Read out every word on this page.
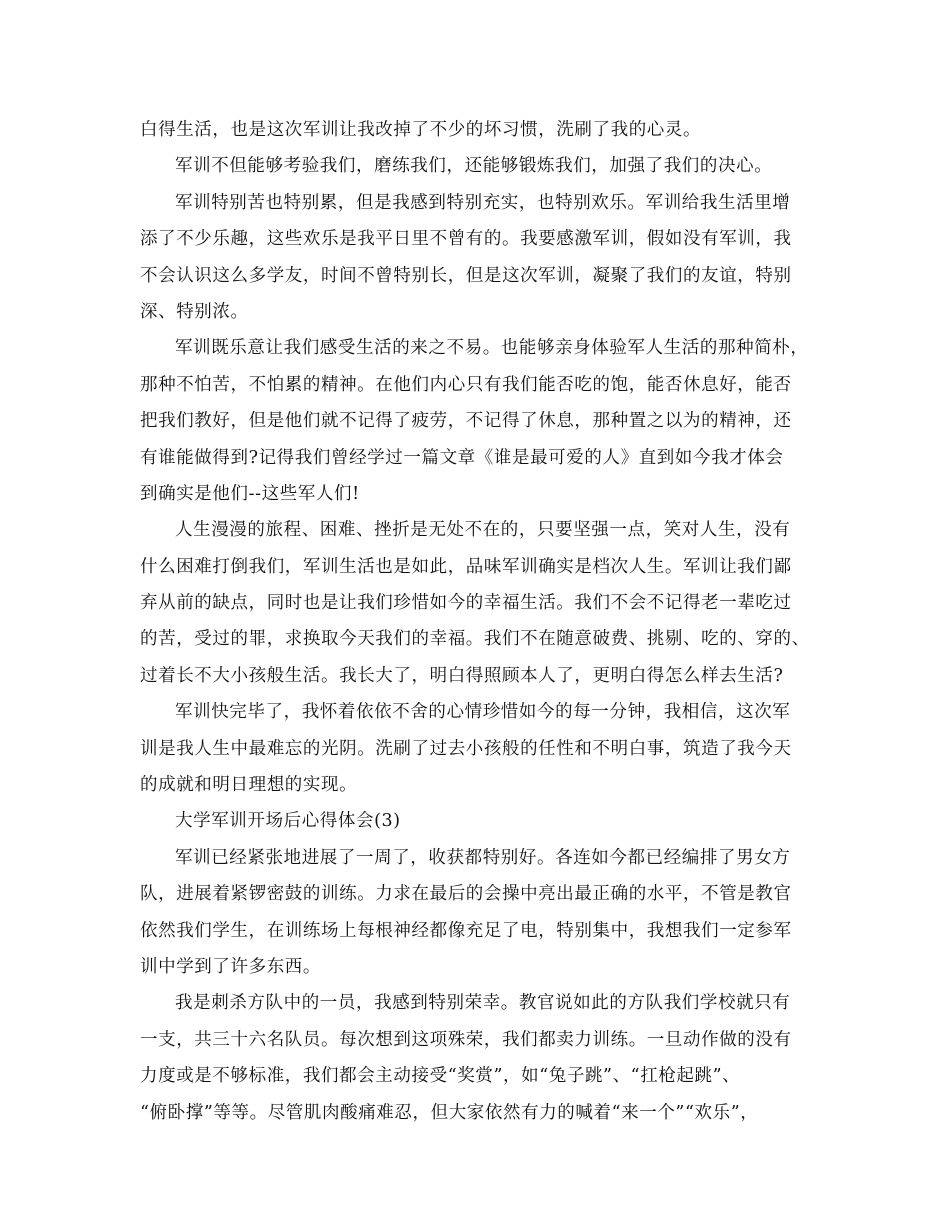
白得生活，也是这次军训让我改掉了不少的坏习惯，洗刷了我的心灵。
军训不但能够考验我们，磨练我们，还能够锻炼我们，加强了我们的决心。
军训特别苦也特别累，但是我感到特别充实，也特别欢乐。军训给我生活里增
添了不少乐趣，这些欢乐是我平日里不曾有的。我要感激军训，假如没有军训，我
不会认识这么多学友，时间不曾特别长，但是这次军训，凝聚了我们的友谊，特别
深、特别浓。
军训既乐意让我们感受生活的来之不易。也能够亲身体验军人生活的那种简朴，
那种不怕苦，不怕累的精神。在他们内心只有我们能否吃的饱，能否休息好，能否
把我们教好，但是他们就不记得了疲劳，不记得了休息，那种置之以为的精神，还
有谁能做得到?记得我们曾经学过一篇文章《谁是最可爱的人》直到如今我才体会
到确实是他们--这些军人们!
人生漫漫的旅程、困难、挫折是无处不在的，只要坚强一点，笑对人生，没有
什么困难打倒我们，军训生活也是如此，品味军训确实是档次人生。军训让我们鄙
弃从前的缺点，同时也是让我们珍惜如今的幸福生活。我们不会不记得老一辈吃过
的苦，受过的罪，求换取今天我们的幸福。我们不在随意破费、挑剔、吃的、穿的、
过着长不大小孩般生活。我长大了，明白得照顾本人了，更明白得怎么样去生活?
军训快完毕了，我怀着依依不舍的心情珍惜如今的每一分钟，我相信，这次军
训是我人生中最难忘的光阴。洗刷了过去小孩般的任性和不明白事，筑造了我今天
的成就和明日理想的实现。
大学军训开场后心得体会(3)
军训已经紧张地进展了一周了，收获都特别好。各连如今都已经编排了男女方
队，进展着紧锣密鼓的训练。力求在最后的会操中亮出最正确的水平，不管是教官
依然我们学生，在训练场上每根神经都像充足了电，特别集中，我想我们一定参军
训中学到了许多东西。
我是刺杀方队中的一员，我感到特别荣幸。教官说如此的方队我们学校就只有
一支，共三十六名队员。每次想到这项殊荣，我们都卖力训练。一旦动作做的没有
力度或是不够标准，我们都会主动接受“奖赏”，如“兔子跳”、“扛枪起跳”、
“俯卧撑”等等。尽管肌肉酸痛难忍，但大家依然有力的喊着“来一个”“欢乐”，
